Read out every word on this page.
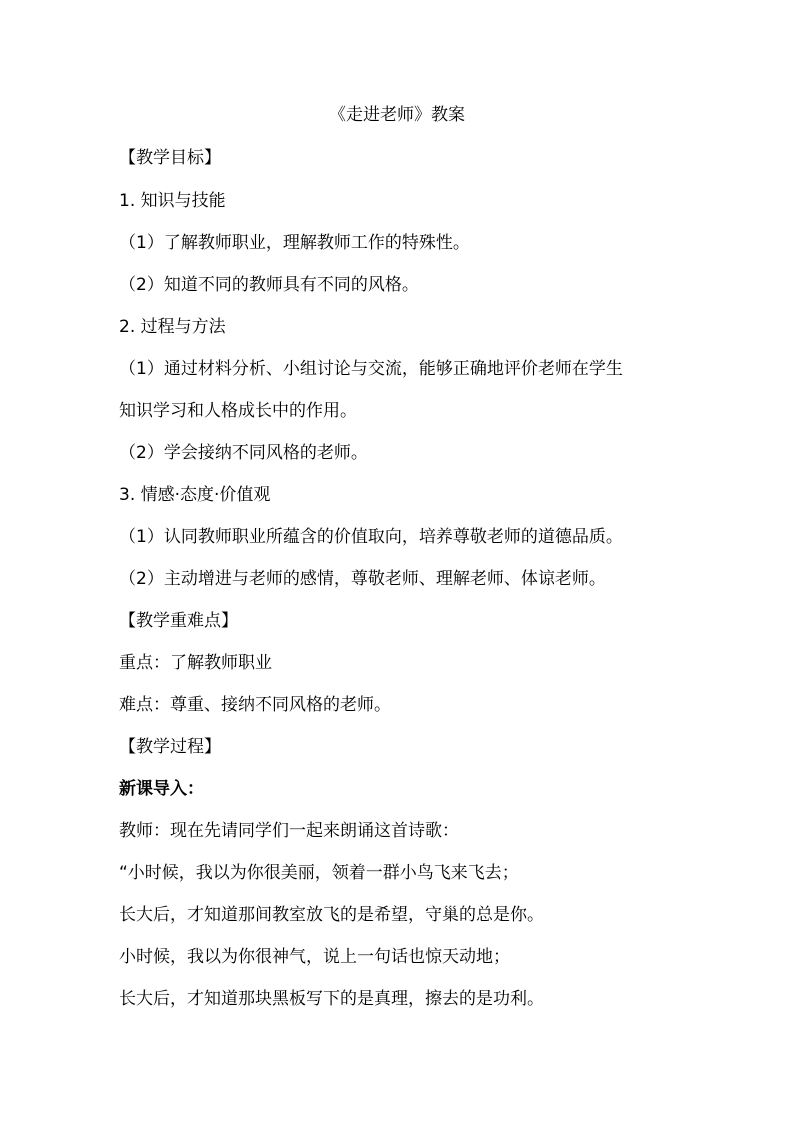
《走进老师》教案
【教学目标】
1. 知识与技能
（1）了解教师职业，理解教师工作的特殊性。
（2）知道不同的教师具有不同的风格。
2. 过程与方法
（1）通过材料分析、小组讨论与交流，能够正确地评价老师在学生
知识学习和人格成长中的作用。
（2）学会接纳不同风格的老师。
3. 情感·态度·价值观
（1）认同教师职业所蕴含的价值取向，培养尊敬老师的道德品质。
（2）主动增进与老师的感情，尊敬老师、理解老师、体谅老师。
【教学重难点】
重点：了解教师职业
难点：尊重、接纳不同风格的老师。
【教学过程】
新课导入：
教师：现在先请同学们一起来朗诵这首诗歌：
“小时候，我以为你很美丽，领着一群小鸟飞来飞去；
长大后，才知道那间教室放飞的是希望，守巢的总是你。
小时候，我以为你很神气，说上一句话也惊天动地；
长大后，才知道那块黑板写下的是真理，擦去的是功利。
